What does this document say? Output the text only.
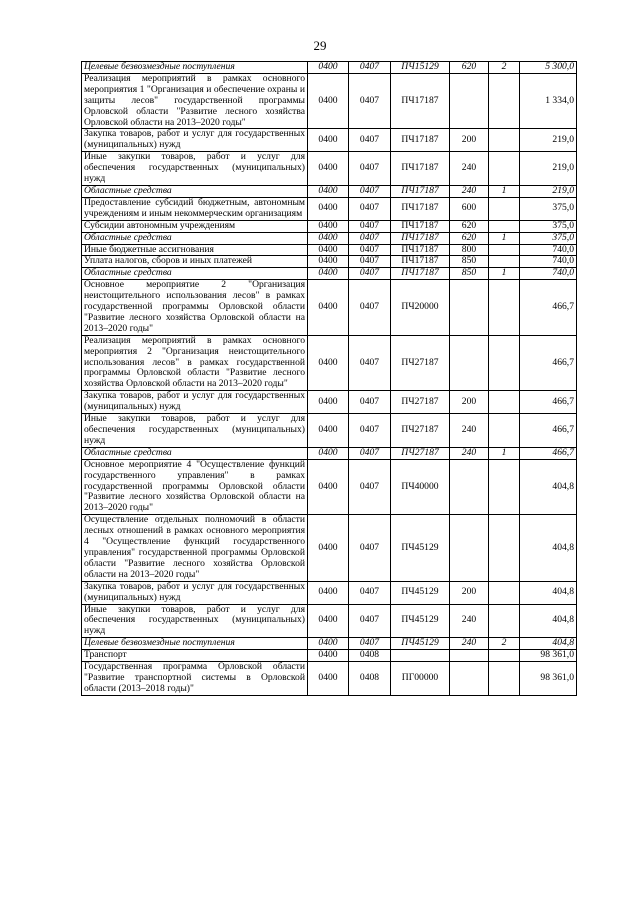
29
Целевые безвозмездные поступления	0400	0407	ПЧ15129	620	2	5 300,0
Реализация мероприятий в рамках основного мероприятия 1 "Организация и обеспечение охраны и защиты лесов" государственной программы Орловской области "Развитие лесного хозяйства Орловской области на 2013–2020 годы"	0400	0407	ПЧ17187			1 334,0
Закупка товаров, работ и услуг для государственных (муниципальных) нужд	0400	0407	ПЧ17187	200		219,0
Иные закупки товаров, работ и услуг для обеспечения государственных (муниципальных) нужд	0400	0407	ПЧ17187	240		219,0
Областные средства	0400	0407	ПЧ17187	240	1	219,0
Предоставление субсидий бюджетным, автономным учреждениям и иным некоммерческим организациям	0400	0407	ПЧ17187	600		375,0
Субсидии автономным учреждениям	0400	0407	ПЧ17187	620		375,0
Областные средства	0400	0407	ПЧ17187	620	1	375,0
Иные бюджетные ассигнования	0400	0407	ПЧ17187	800		740,0
Уплата налогов, сборов и иных платежей	0400	0407	ПЧ17187	850		740,0
Областные средства	0400	0407	ПЧ17187	850	1	740,0
Основное мероприятие 2 "Организация неистощительного использования лесов" в рамках государственной программы Орловской области "Развитие лесного хозяйства Орловской области на 2013–2020 годы"	0400	0407	ПЧ20000			466,7
Реализация мероприятий в рамках основного мероприятия 2 "Организация неистощительного использования лесов" в рамках государственной программы Орловской области "Развитие лесного хозяйства Орловской области на 2013–2020 годы"	0400	0407	ПЧ27187			466,7
Закупка товаров, работ и услуг для государственных (муниципальных) нужд	0400	0407	ПЧ27187	200		466,7
Иные закупки товаров, работ и услуг для обеспечения государственных (муниципальных) нужд	0400	0407	ПЧ27187	240		466,7
Областные средства	0400	0407	ПЧ27187	240	1	466,7
Основное мероприятие 4 "Осуществление функций государственного управления" в рамках государственной программы Орловской области "Развитие лесного хозяйства Орловской области на 2013–2020 годы"	0400	0407	ПЧ40000			404,8
Осуществление отдельных полномочий в области лесных отношений в рамках основного мероприятия 4 "Осуществление функций государственного управления" государственной программы Орловской области "Развитие лесного хозяйства Орловской области на 2013–2020 годы"	0400	0407	ПЧ45129			404,8
Закупка товаров, работ и услуг для государственных (муниципальных) нужд	0400	0407	ПЧ45129	200		404,8
Иные закупки товаров, работ и услуг для обеспечения государственных (муниципальных) нужд	0400	0407	ПЧ45129	240		404,8
Целевые безвозмездные поступления	0400	0407	ПЧ45129	240	2	404,8
Транспорт	0400	0408				98 361,0
Государственная программа Орловской области "Развитие транспортной системы в Орловской области (2013–2018 годы)"	0400	0408	ПГ00000			98 361,0
